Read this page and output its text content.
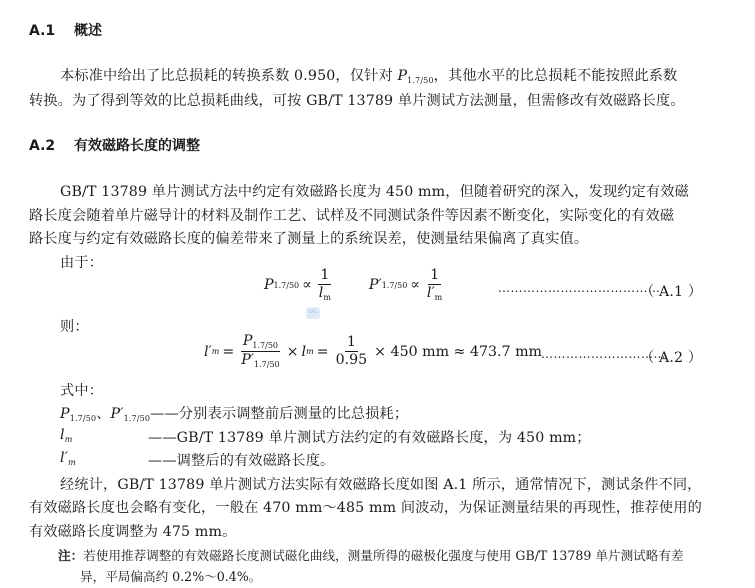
A.1 概述
本标准中给出了比总损耗的转换系数 0.950，仅针对 $P_{1.7/50}$，其他水平的比总损耗不能按照此系数
转换。为了得到等效的比总损耗曲线，可按 GB/T 13789 单片测试方法测量，但需修改有效磁路长度。
A.2 有效磁路长度的调整
GB/T 13789 单片测试方法中约定有效磁路长度为 450 mm，但随着研究的深入，发现约定有效磁
路长度会随着单片磁导计的材料及制作工艺、试样及不同测试条件等因素不断变化，实际变化的有效磁
路长度与约定有效磁路长度的偏差带来了测量上的系统误差，使测量结果偏离了真实值。
由于：
P $1.7/50 \propto \frac{1}{l_m}$	P′ $1.7/50 \propto \frac{1}{l'_m}$	…………………………………
（ A.1 ）
SAC
则：
l′ $m = \frac{P_{1.7/50}}{P'_{1.7/50}} \times l$ $m = \frac{1}{0.95} \times 450$ mm ≈ 473.7 mm …………………………
（ A.2 ）
式中：
$P_{1.7/50}$、$P'_{1.7/50}——$分别表示调整前后测量的比总损耗；
$l_m$	——GB/T 13789 单片测试方法约定的有效磁路长度，为 450 mm；
$l'_m$	——调整后的有效磁路长度。
经统计，GB/T 13789 单片测试方法实际有效磁路长度如图 A.1 所示，通常情况下，测试条件不同，
有效磁路长度也会略有变化，一般在 470 mm～485 mm 间波动，为保证测量结果的再现性，推荐使用的
有效磁路长度调整为 475 mm。
注：若使用推荐调整的有效磁路长度测试磁化曲线，测量所得的磁极化强度与使用 GB/T 13789 单片测试略有差
异，平局偏高约 0.2%～0.4%。
